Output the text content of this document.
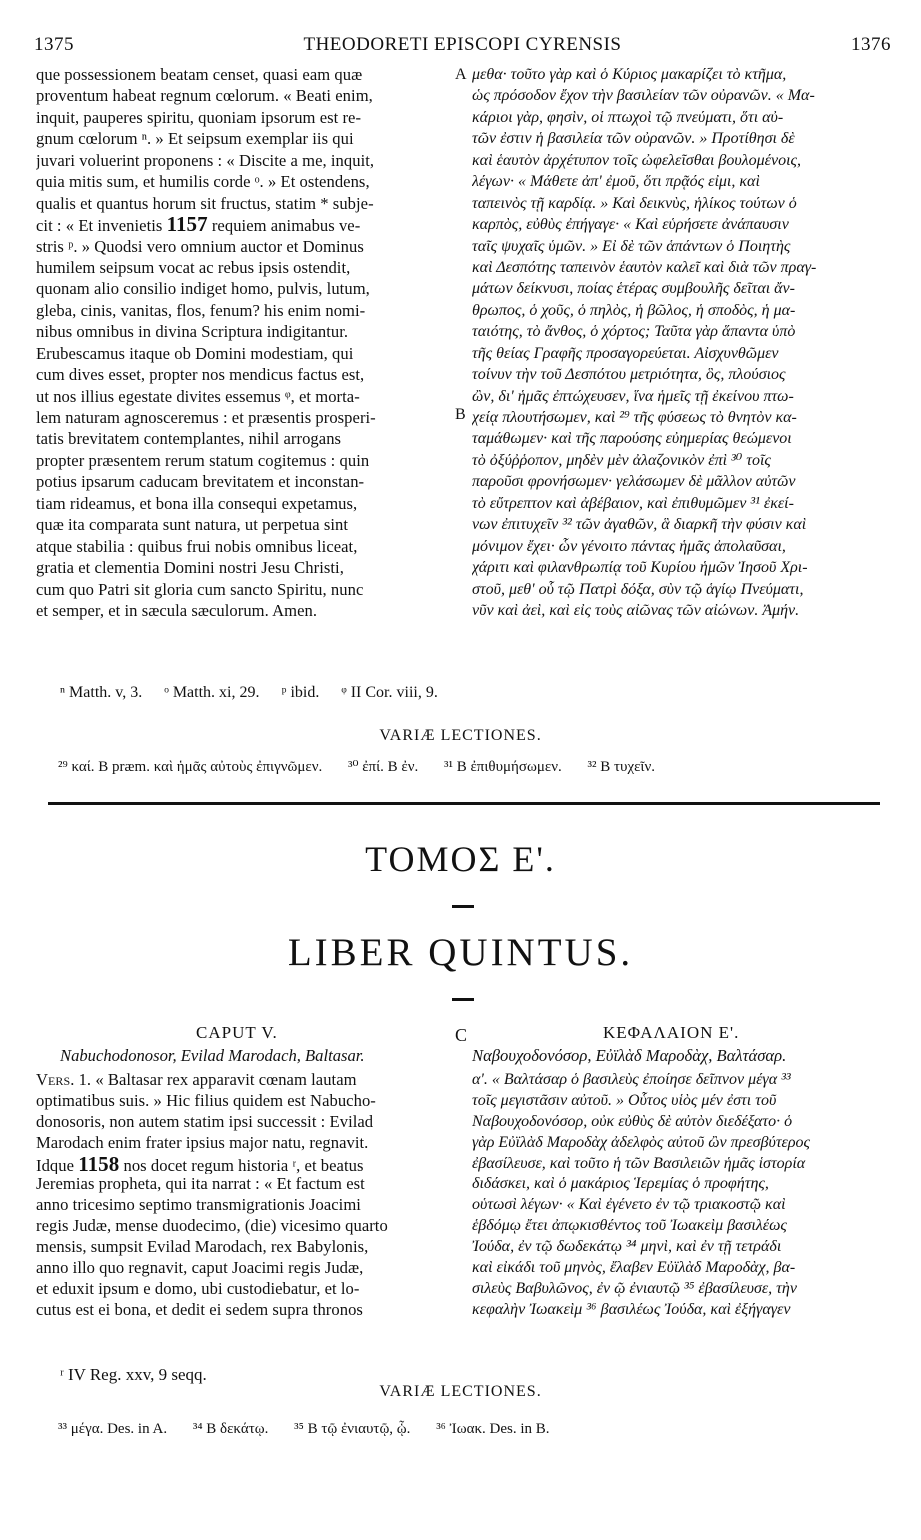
1375	THEODORETI EPISCOPI CYRENSIS	1376
que possessionem beatam censet, quasi eam quæ
proventum habeat regnum cœlorum. « Beati enim,
inquit, pauperes spiritu, quoniam ipsorum est re-
gnum cœlorum ⁿ. » Et seipsum exemplar iis qui
juvari voluerint proponens : « Discite a me, inquit,
quia mitis sum, et humilis corde ᵒ. » Et ostendens,
qualis et quantus horum sit fructus, statim * subje-
cit : « Et invenietis 1157 requiem animabus ve-
stris ᵖ. » Quodsi vero omnium auctor et Dominus
humilem seipsum vocat ac rebus ipsis ostendit,
quonam alio consilio indiget homo, pulvis, lutum,
gleba, cinis, vanitas, flos, fenum? his enim nomi-
nibus omnibus in divina Scriptura indigitantur.
Erubescamus itaque ob Domini modestiam, qui
cum dives esset, propter nos mendicus factus est,
ut nos illius egestate divites essemus ᵠ, et morta-
lem naturam agnosceremus : et præsentis prosperi-
tatis brevitatem contemplantes, nihil arrogans
propter præsentem rerum statum cogitemus : quin
potius ipsarum caducam brevitatem et inconstan-
tiam rideamus, et bona illa consequi expetamus,
quæ ita comparata sunt natura, ut perpetua sint
atque stabilia : quibus frui nobis omnibus liceat,
gratia et clementia Domini nostri Jesu Christi,
cum quo Patri sit gloria cum sancto Spiritu, nunc
et semper, et in sæcula sæculorum. Amen.
μεθα· τοῦτο γὰρ καὶ ὁ Κύριος μακαρίζει τὸ κτῆμα,
ὡς πρόσοδον ἔχον τὴν βασιλείαν τῶν οὐρανῶν. « Μα-
κάριοι γὰρ, φησὶν, οἱ πτωχοὶ τῷ πνεύματι, ὅτι αὐ-
τῶν ἐστιν ἡ βασιλεία τῶν οὐρανῶν. » Προτίθησι δὲ
καὶ ἑαυτὸν ἀρχέτυπον τοῖς ὠφελεῖσθαι βουλομένοις,
λέγων· « Μάθετε ἀπ' ἐμοῦ, ὅτι πρᾷός εἰμι, καὶ
ταπεινὸς τῇ καρδίᾳ. » Καὶ δεικνὺς, ἡλίκος τούτων ὁ
καρπὸς, εὐθὺς ἐπήγαγε· « Καὶ εὑρήσετε ἀνάπαυσιν
ταῖς ψυχαῖς ὑμῶν. » Εἰ δὲ τῶν ἁπάντων ὁ Ποιητὴς
καὶ Δεσπότης ταπεινὸν ἑαυτὸν καλεῖ καὶ διὰ τῶν πραγ-
μάτων δείκνυσι, ποίας ἑτέρας συμβουλῆς δεῖται ἄν-
θρωπος, ὁ χοῦς, ὁ πηλὸς, ἡ βῶλος, ἡ σποδὸς, ἡ μα-
ταιότης, τὸ ἄνθος, ὁ χόρτος; Ταῦτα γὰρ ἅπαντα ὑπὸ
τῆς θείας Γραφῆς προσαγορεύεται. Αἰσχυνθῶμεν
τοίνυν τὴν τοῦ Δεσπότου μετριότητα, ὃς, πλούσιος
ὢν, δι' ἡμᾶς ἐπτώχευσεν, ἵνα ἡμεῖς τῇ ἐκείνου πτω-
χείᾳ πλουτήσωμεν, καὶ ²⁹ τῆς φύσεως τὸ θνητὸν κα-
ταμάθωμεν· καὶ τῆς παρούσης εὐημερίας θεώμενοι
τὸ ὀξύῤῥοπον, μηδὲν μὲν ἀλαζονικὸν ἐπὶ ³⁰ τοῖς
παροῦσι φρονήσωμεν· γελάσωμεν δὲ μᾶλλον αὐτῶν
τὸ εὔτρεπτον καὶ ἀβέβαιον, καὶ ἐπιθυμῶμεν ³¹ ἐκεί-
νων ἐπιτυχεῖν ³² τῶν ἀγαθῶν, ἃ διαρκῆ τὴν φύσιν καὶ
μόνιμον ἔχει· ὧν γένοιτο πάντας ἡμᾶς ἀπολαῦσαι,
χάριτι καὶ φιλανθρωπίᾳ τοῦ Κυρίου ἡμῶν Ἰησοῦ Χρι-
στοῦ, μεθ' οὗ τῷ Πατρὶ δόξα, σὺν τῷ ἁγίῳ Πνεύματι,
νῦν καὶ ἀεὶ, καὶ εἰς τοὺς αἰῶνας τῶν αἰώνων. Ἀμήν.
A
B
ⁿ Matth. v, 3. ᵒ Matth. xi, 29. ᵖ ibid. ᵠ II Cor. viii, 9.
VARIÆ LECTIONES.
²⁹ καί. B præm. καὶ ἡμᾶς αὐτοὺς ἐπιγνῶμεν. ³⁰ ἐπί. B ἐν. ³¹ B ἐπιθυμήσωμεν. ³² B τυχεῖν.
ΤΟΜΟΣ Ε'.
LIBER QUINTUS.
CAPUT V.	C	ΚΕΦΑΛΑΙΟΝ Ε'.
Nabuchodonosor, Evilad Marodach, Baltasar.	Ναβουχοδονόσορ, Εὐϊλὰδ Μαροδὰχ, Βαλτάσαρ.
Vers. 1. « Baltasar rex apparavit cœnam lautam
optimatibus suis. » Hic filius quidem est Nabucho-
donosoris, non autem statim ipsi successit : Evilad
Marodach enim frater ipsius major natu, regnavit.
Idque 1158 nos docet regum historia ʳ, et beatus
Jeremias propheta, qui ita narrat : « Et factum est
anno tricesimo septimo transmigrationis Joacimi
regis Judæ, mense duodecimo, (die) vicesimo quarto
mensis, sumpsit Evilad Marodach, rex Babylonis,
anno illo quo regnavit, caput Joacimi regis Judæ,
et eduxit ipsum e domo, ubi custodiebatur, et lo-
cutus est ei bona, et dedit ei sedem supra thronos
α'. « Βαλτάσαρ ὁ βασιλεὺς ἐποίησε δεῖπνον μέγα ³³
τοῖς μεγιστᾶσιν αὐτοῦ. » Οὗτος υἱὸς μέν ἐστι τοῦ
Ναβουχοδονόσορ, οὐκ εὐθὺς δὲ αὐτὸν διεδέξατο· ὁ
γὰρ Εὐϊλὰδ Μαροδὰχ ἀδελφὸς αὐτοῦ ὢν πρεσβύτερος
ἐβασίλευσε, καὶ τοῦτο ἡ τῶν Βασιλειῶν ἡμᾶς ἱστορία
διδάσκει, καὶ ὁ μακάριος Ἱερεμίας ὁ προφήτης,
οὑτωσὶ λέγων· « Καὶ ἐγένετο ἐν τῷ τριακοστῷ καὶ
ἑβδόμῳ ἔτει ἀπῳκισθέντος τοῦ Ἰωακεὶμ βασιλέως
Ἰούδα, ἐν τῷ δωδεκάτῳ ³⁴ μηνὶ, καὶ ἐν τῇ τετράδι
καὶ εἰκάδι τοῦ μηνὸς, ἔλαβεν Εὐϊλὰδ Μαροδὰχ, βα-
σιλεὺς Βαβυλῶνος, ἐν ῷ ἐνιαυτῷ ³⁵ ἐβασίλευσε, τὴν
κεφαλὴν Ἰωακεὶμ ³⁶ βασιλέως Ἰούδα, καὶ ἐξήγαγεν
ʳ IV Reg. xxv, 9 seqq.
VARIÆ LECTIONES.
³³ μέγα. Des. in A. ³⁴ B δεκάτῳ. ³⁵ B τῷ ἐνιαυτῷ, ᾧ. ³⁶ Ἰωακ. Des. in B.
